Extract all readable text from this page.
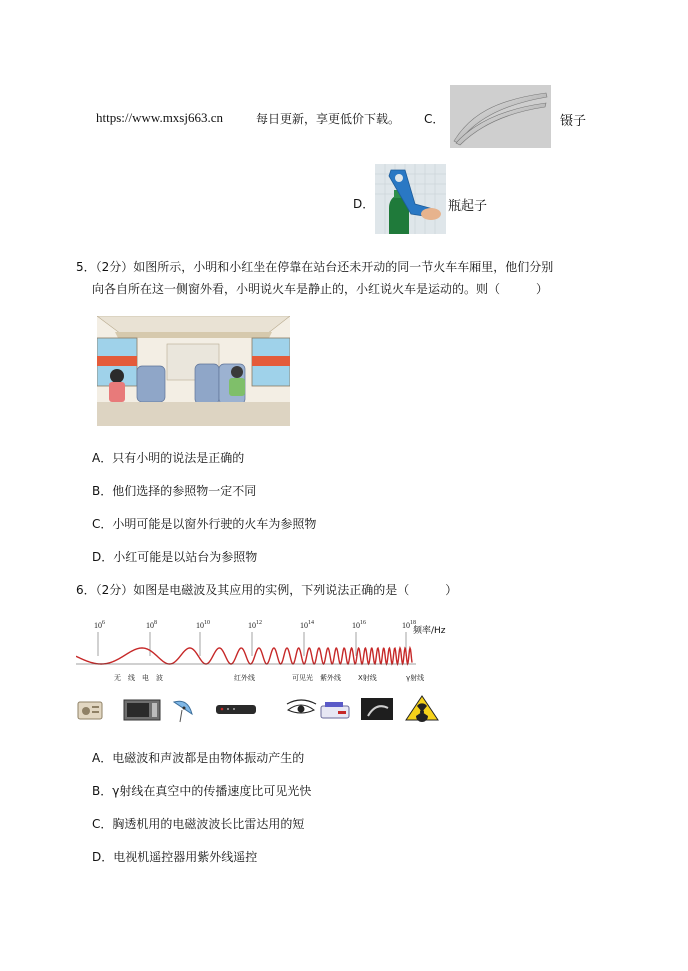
https://www.mxsj663.cn	每日更新，享更低价下载。 C．	镊子
D．	瓶起子
5．（2分）如图所示，小明和小红坐在停靠在站台还未开动的同一节火车车厢里，他们分别
向各自所在这一侧窗外看，小明说火车是静止的，小红说火车是运动的。则（　　　）
A．只有小明的说法是正确的
B．他们选择的参照物一定不同
C．小明可能是以窗外行驶的火车为参照物
D．小红可能是以站台为参照物
6．（2分）如图是电磁波及其应用的实例，下列说法正确的是（　　　）
$10^6$	$10^8$	$10^{10}$	$10^{12}$	$10^{14}$	$10^{16}$	$10^{18}$
无　线　电　波	红外线	可见光 紫外线 X射线	γ射线
频率/Hz
A．电磁波和声波都是由物体振动产生的
B．γ射线在真空中的传播速度比可见光快
C．胸透机用的电磁波波长比雷达用的短
D．电视机遥控器用紫外线遥控
